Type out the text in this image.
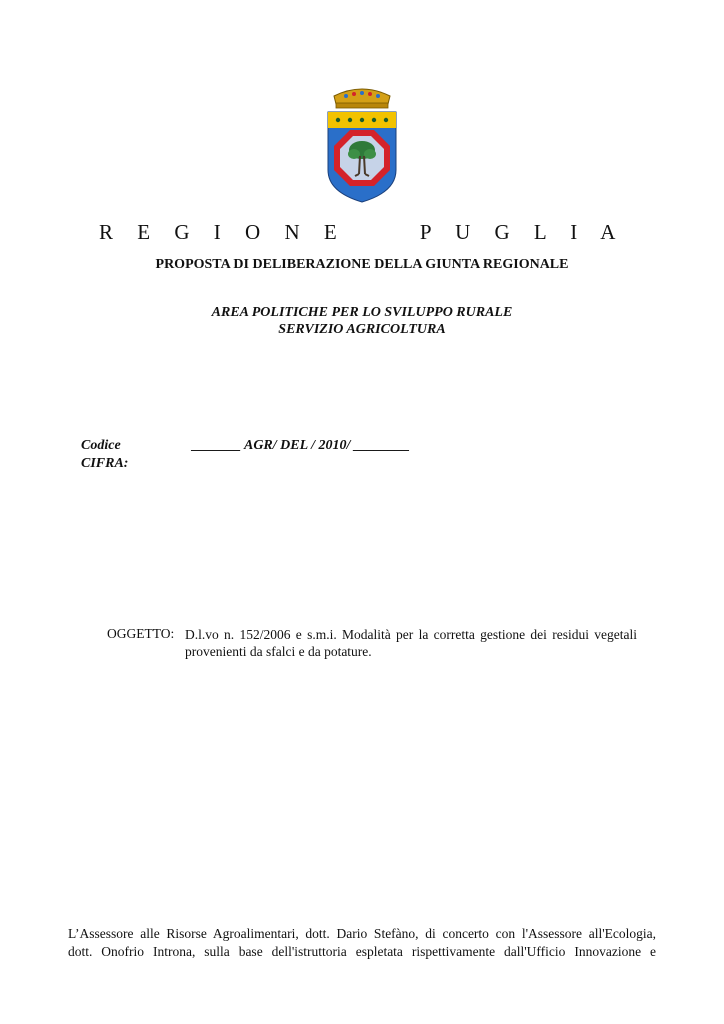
R E G I O N E     P U G L I A
PROPOSTA DI DELIBERAZIONE DELLA GIUNTA REGIONALE
AREA POLITICHE PER LO SVILUPPO RURALE
SERVIZIO AGRICOLTURA
Codice
CIFRA:
_______ AGR/ DEL / 2010/ ________
OGGETTO: D.l.vo n. 152/2006 e s.m.i. Modalità per la corretta gestione dei residui vegetali
provenienti da sfalci e da potature.
L’Assessore alle Risorse Agroalimentari, dott. Dario Stefàno, di concerto con l'Assessore all'Ecologia,
dott. Onofrio Introna, sulla base dell'istruttoria espletata rispettivamente dall'Ufficio Innovazione e
